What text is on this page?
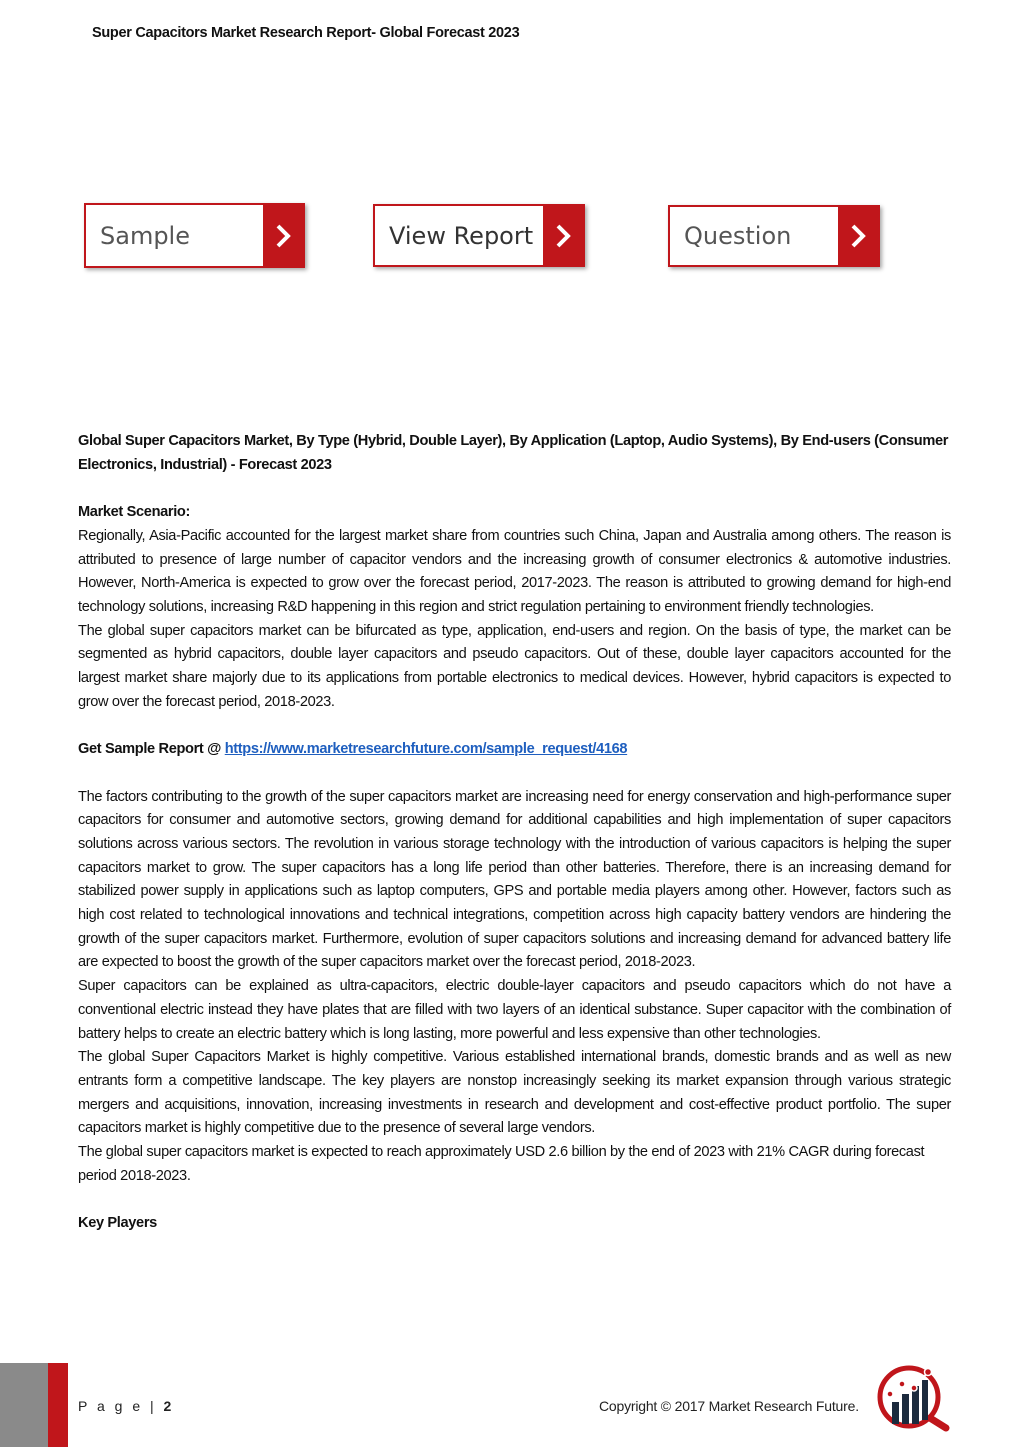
Super Capacitors Market Research Report- Global Forecast 2023
Sample	View Report	Question

Global Super Capacitors Market, By Type (Hybrid, Double Layer), By Application (Laptop, Audio Systems), By End-users (Consumer Electronics, Industrial) - Forecast 2023

Market Scenario:

Regionally, Asia-Pacific accounted for the largest market share from countries such China, Japan and Australia among others. The reason is attributed to presence of large number of capacitor vendors and the increasing growth of consumer electronics & automotive industries. However, North-America is expected to grow over the forecast period, 2017-2023. The reason is attributed to growing demand for high-end technology solutions, increasing R&D happening in this region and strict regulation pertaining to environment friendly technologies.

The global super capacitors market can be bifurcated as type, application, end-users and region. On the basis of type, the market can be segmented as hybrid capacitors, double layer capacitors and pseudo capacitors. Out of these, double layer capacitors accounted for the largest market share majorly due to its applications from portable electronics to medical devices. However, hybrid capacitors is expected to grow over the forecast period, 2018-2023.

Get Sample Report @ https://www.marketresearchfuture.com/sample_request/4168

The factors contributing to the growth of the super capacitors market are increasing need for energy conservation and high-performance super capacitors for consumer and automotive sectors, growing demand for additional capabilities and high implementation of super capacitors solutions across various sectors. The revolution in various storage technology with the introduction of various capacitors is helping the super capacitors market to grow. The super capacitors has a long life period than other batteries. Therefore, there is an increasing demand for stabilized power supply in applications such as laptop computers, GPS and portable media players among other. However, factors such as high cost related to technological innovations and technical integrations, competition across high capacity battery vendors are hindering the growth of the super capacitors market. Furthermore, evolution of super capacitors solutions and increasing demand for advanced battery life are expected to boost the growth of the super capacitors market over the forecast period, 2018-2023.

Super capacitors can be explained as ultra-capacitors, electric double-layer capacitors and pseudo capacitors which do not have a conventional electric instead they have plates that are filled with two layers of an identical substance. Super capacitor with the combination of battery helps to create an electric battery which is long lasting, more powerful and less expensive than other technologies.

The global Super Capacitors Market is highly competitive. Various established international brands, domestic brands and as well as new entrants form a competitive landscape. The key players are nonstop increasingly seeking its market expansion through various strategic mergers and acquisitions, innovation, increasing investments in research and development and cost-effective product portfolio. The super capacitors market is highly competitive due to the presence of several large vendors.

The global super capacitors market is expected to reach approximately USD 2.6 billion by the end of 2023 with 21% CAGR during forecast period 2018-2023.

Key Players

P a g e | 2	Copyright © 2017 Market Research Future.
